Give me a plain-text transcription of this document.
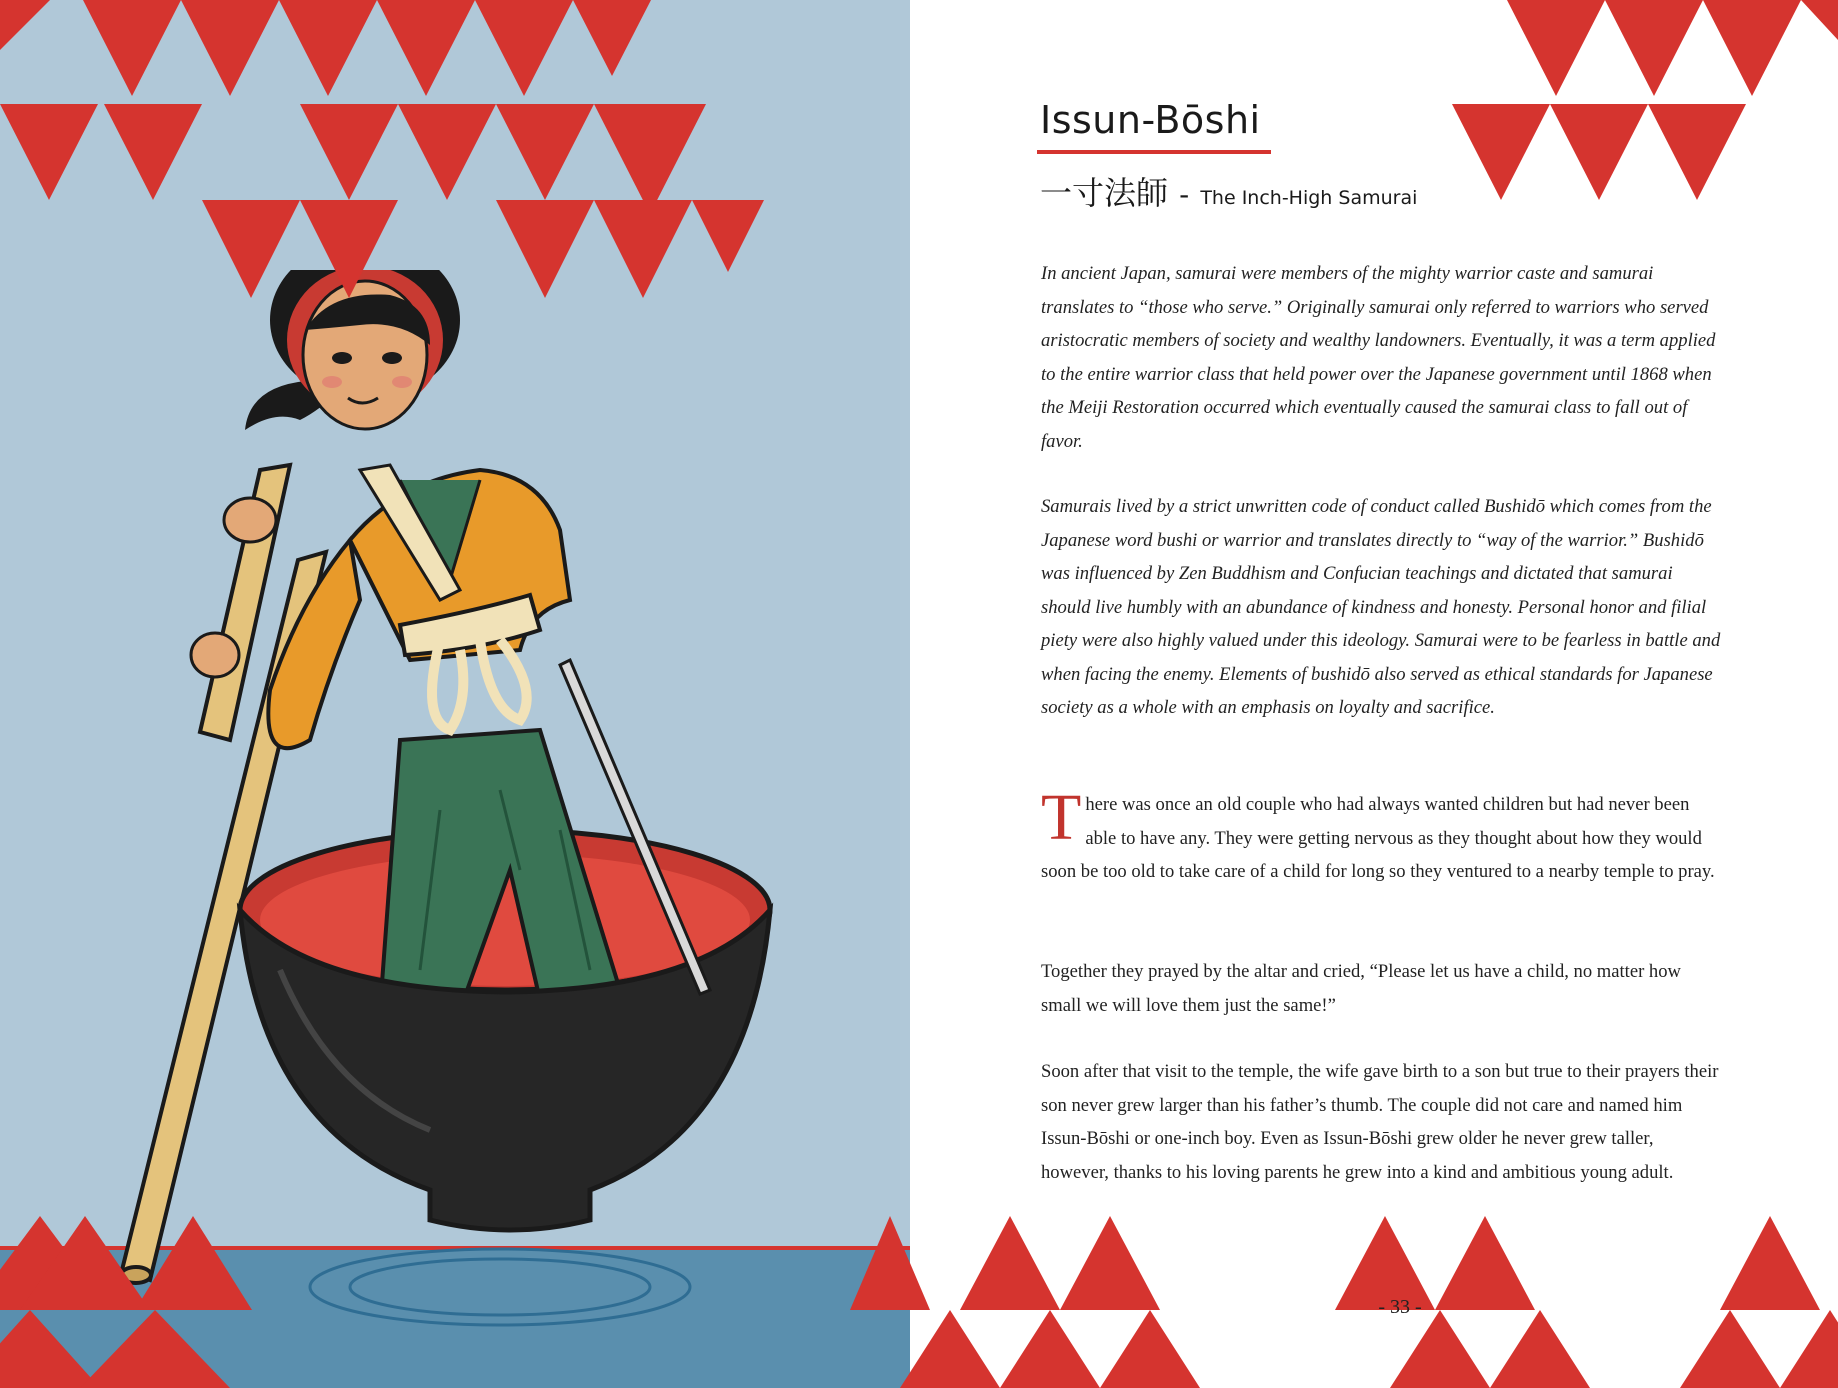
Issun-Bōshi
一寸法師 - The Inch-High Samurai

In ancient Japan, samurai were members of the mighty warrior caste and samurai translates to “those who serve.” Originally samurai only referred to warriors who served aristocratic members of society and wealthy landowners. Eventually, it was a term applied to the entire warrior class that held power over the Japanese government until 1868 when the Meiji Restoration occurred which eventually caused the samurai class to fall out of favor.

Samurais lived by a strict unwritten code of conduct called Bushidō which comes from the Japanese word bushi or warrior and translates directly to “way of the warrior.” Bushidō was influenced by Zen Buddhism and Confucian teachings and dictated that samurai should live humbly with an abundance of kindness and honesty. Personal honor and filial piety were also highly valued under this ideology. Samurai were to be fearless in battle and when facing the enemy. Elements of bushidō also served as ethical standards for Japanese society as a whole with an emphasis on loyalty and sacrifice.

There was once an old couple who had always wanted children but had never been able to have any. They were getting nervous as they thought about how they would soon be too old to take care of a child for long so they ventured to a nearby temple to pray.

Together they prayed by the altar and cried, “Please let us have a child, no matter how small we will love them just the same!”

Soon after that visit to the temple, the wife gave birth to a son but true to their prayers their son never grew larger than his father’s thumb. The couple did not care and named him Issun-Bōshi or one-inch boy. Even as Issun-Bōshi grew older he never grew taller, however, thanks to his loving parents he grew into a kind and ambitious young adult.

- 33 -
